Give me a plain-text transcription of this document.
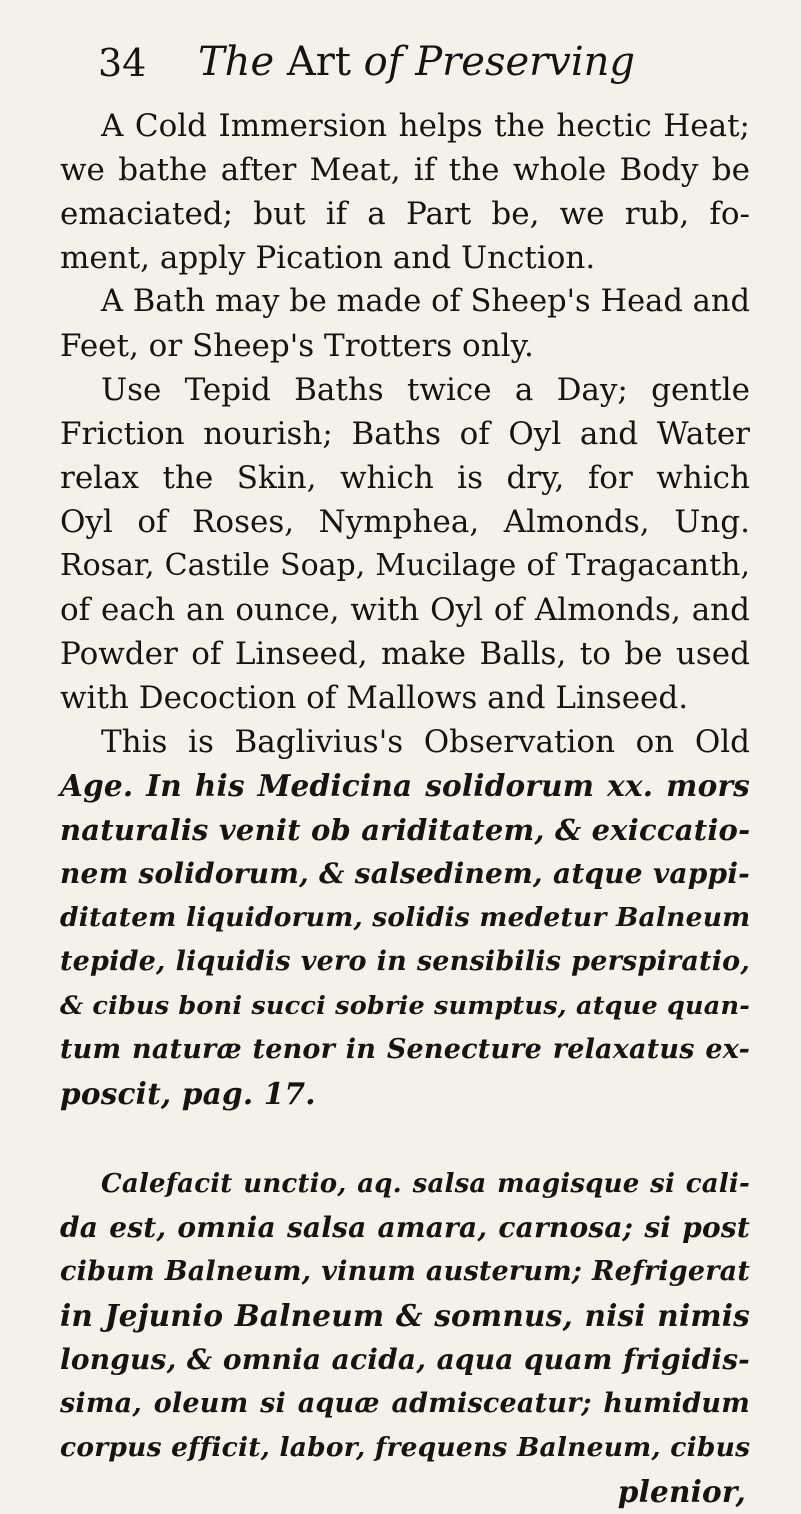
34 The Art of Preserving
A Cold Immersion helps the hectic Heat;
we bathe after Meat, if the whole Body be
emaciated; but if a Part be, we rub, fo-
ment, apply Pication and Unction.
A Bath may be made of Sheep's Head and
Feet, or Sheep's Trotters only.
Use Tepid Baths twice a Day; gentle
Friction nourish; Baths of Oyl and Water
relax the Skin, which is dry, for which
Oyl of Roses, Nymphea, Almonds, Ung.
Rosar, Castile Soap, Mucilage of Tragacanth,
of each an ounce, with Oyl of Almonds, and
Powder of Linseed, make Balls, to be used
with Decoction of Mallows and Linseed.
This is Baglivius's Observation on Old
Age. In his Medicina solidorum xx. mors
naturalis venit ob ariditatem, & exiccatio-
nem solidorum, & salsedinem, atque vappi-
ditatem liquidorum, solidis medetur Balneum
tepide, liquidis vero in sensibilis perspiratio,
& cibus boni succi sobrie sumptus, atque quan-
tum naturæ tenor in Senecture relaxatus ex-
poscit, pag. 17.
Calefacit unctio, aq. salsa magisque si cali-
da est, omnia salsa amara, carnosa; si post
cibum Balneum, vinum austerum; Refrigerat
in Jejunio Balneum & somnus, nisi nimis
longus, & omnia acida, aqua quam frigidis-
sima, oleum si aquæ admisceatur; humidum
corpus efficit, labor, frequens Balneum, cibus
plenior,
